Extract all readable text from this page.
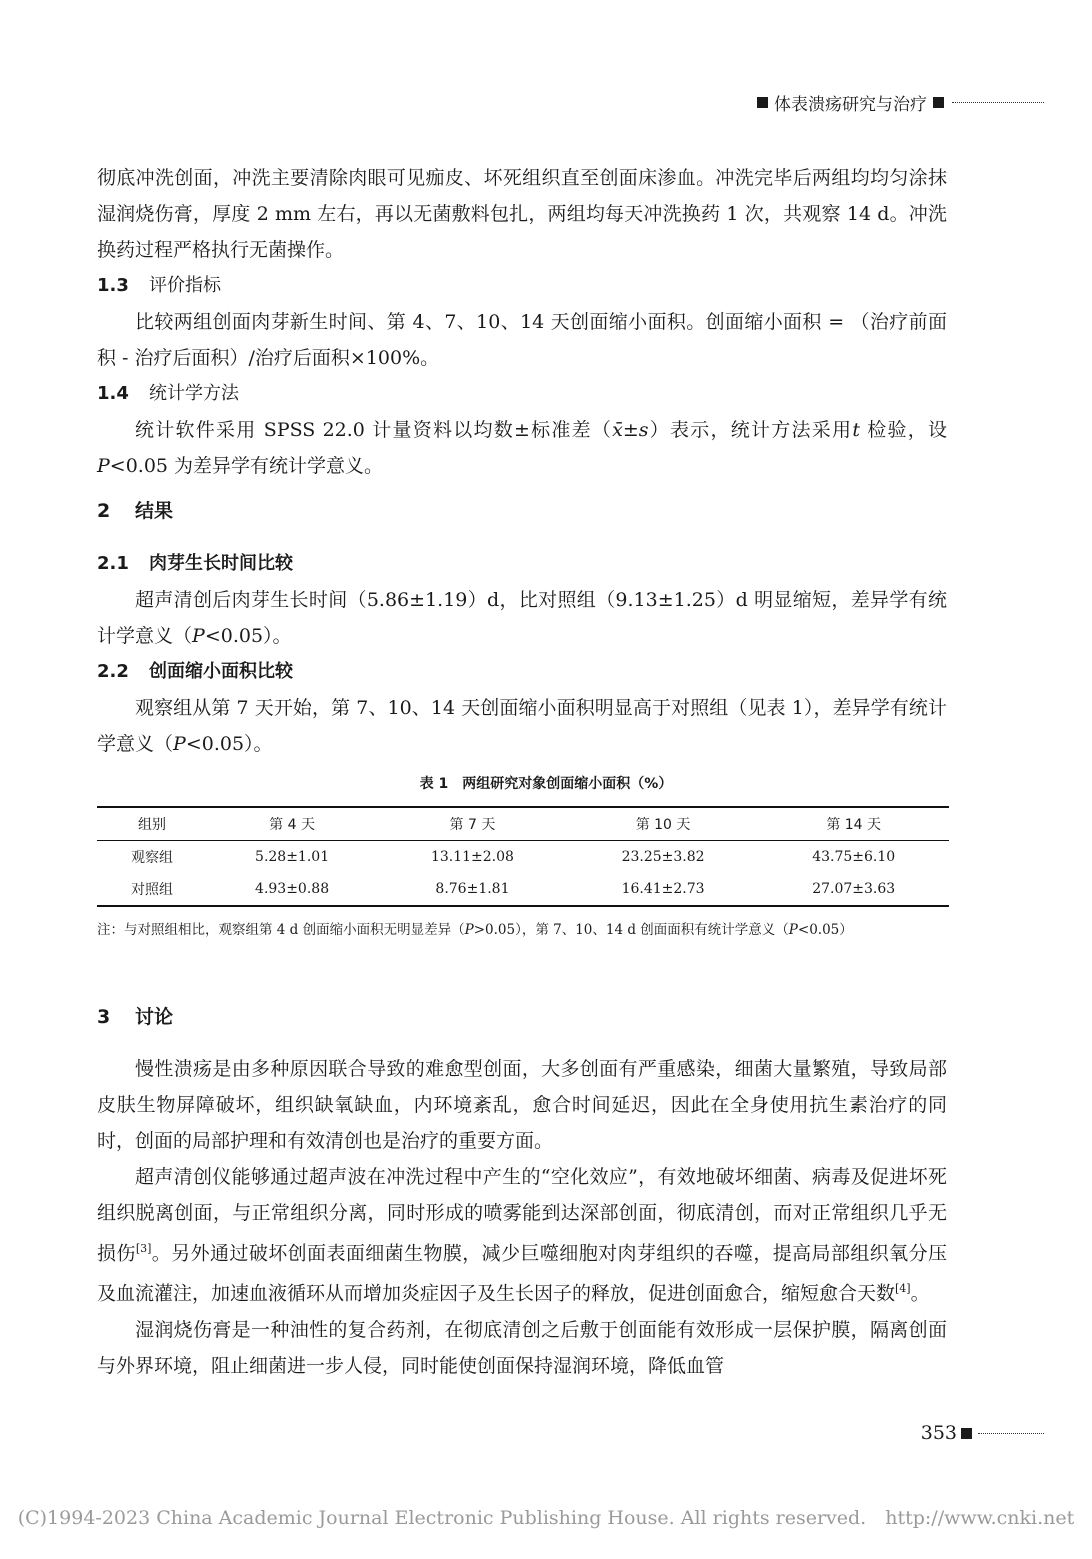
体表溃疡研究与治疗

彻底冲洗创面，冲洗主要清除肉眼可见痂皮、坏死组织直至创面床渗血。冲洗完毕后两组均均匀涂抹湿润烧伤膏，厚度 2 mm 左右，再以无菌敷料包扎，两组均每天冲洗换药 1 次，共观察 14 d。冲洗换药过程严格执行无菌操作。

1.3 评价指标

比较两组创面肉芽新生时间、第 4、7、10、14 天创面缩小面积。创面缩小面积 = （治疗前面积 - 治疗后面积）/治疗后面积×100%。

1.4 统计学方法

统计软件采用 SPSS 22.0 计量资料以均数±标准差（x̄±s）表示，统计方法采用t 检验，设 P<0.05 为差异学有统计学意义。

2 结果
2.1 肉芽生长时间比较

超声清创后肉芽生长时间（5.86±1.19）d，比对照组（9.13±1.25）d 明显缩短，差异学有统计学意义（P<0.05）。

2.2 创面缩小面积比较

观察组从第 7 天开始，第 7、10、14 天创面缩小面积明显高于对照组（见表 1），差异学有统计学意义（P<0.05）。

表 1　两组研究对象创面缩小面积（%）
组别	第 4 天	第 7 天	第 10 天	第 14 天
观察组	5.28±1.01	13.11±2.08	23.25±3.82	43.75±6.10
对照组	4.93±0.88	8.76±1.81	16.41±2.73	27.07±3.63

注：与对照组相比，观察组第 4 d 创面缩小面积无明显差异（P>0.05），第 7、10、14 d 创面面积有统计学意义（P<0.05）

3 讨论

慢性溃疡是由多种原因联合导致的难愈型创面，大多创面有严重感染，细菌大量繁殖，导致局部皮肤生物屏障破坏，组织缺氧缺血，内环境紊乱，愈合时间延迟，因此在全身使用抗生素治疗的同时，创面的局部护理和有效清创也是治疗的重要方面。

超声清创仪能够通过超声波在冲洗过程中产生的“空化效应”，有效地破坏细菌、病毒及促进坏死组织脱离创面，与正常组织分离，同时形成的喷雾能到达深部创面，彻底清创，而对正常组织几乎无损伤[3]。另外通过破坏创面表面细菌生物膜，减少巨噬细胞对肉芽组织的吞噬，提高局部组织氧分压及血流灌注，加速血液循环从而增加炎症因子及生长因子的释放，促进创面愈合，缩短愈合天数[4]。

湿润烧伤膏是一种油性的复合药剂，在彻底清创之后敷于创面能有效形成一层保护膜，隔离创面与外界环境，阻止细菌进一步人侵，同时能使创面保持湿润环境，降低血管

353
(C)1994-2023 China Academic Journal Electronic Publishing House. All rights reserved.　http://www.cnki.net
